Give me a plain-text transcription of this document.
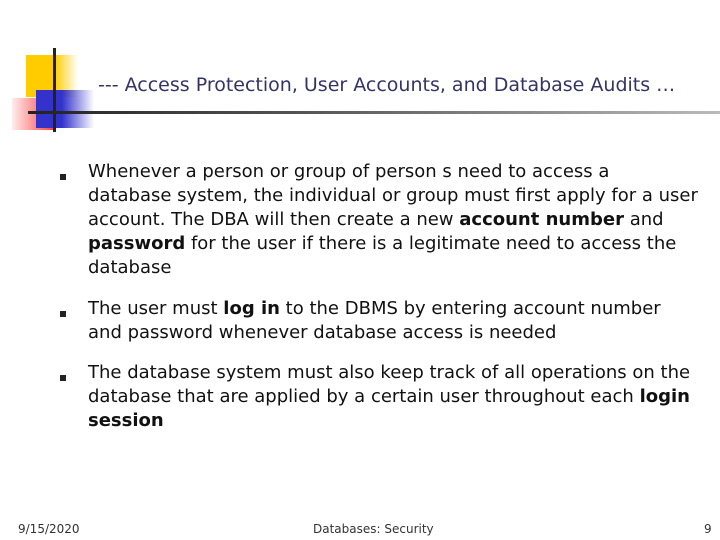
--- Access Protection, User Accounts, and Database Audits …
Whenever a person or group of person s need to access a database system, the individual or group must first apply for a user account. The DBA will then create a new account number and password for the user if there is a legitimate need to access the database
The user must log in to the DBMS by entering account number and password whenever database access is needed
The database system must also keep track of all operations on the database that are applied by a certain user throughout each login session
9/15/2020	Databases: Security	9
